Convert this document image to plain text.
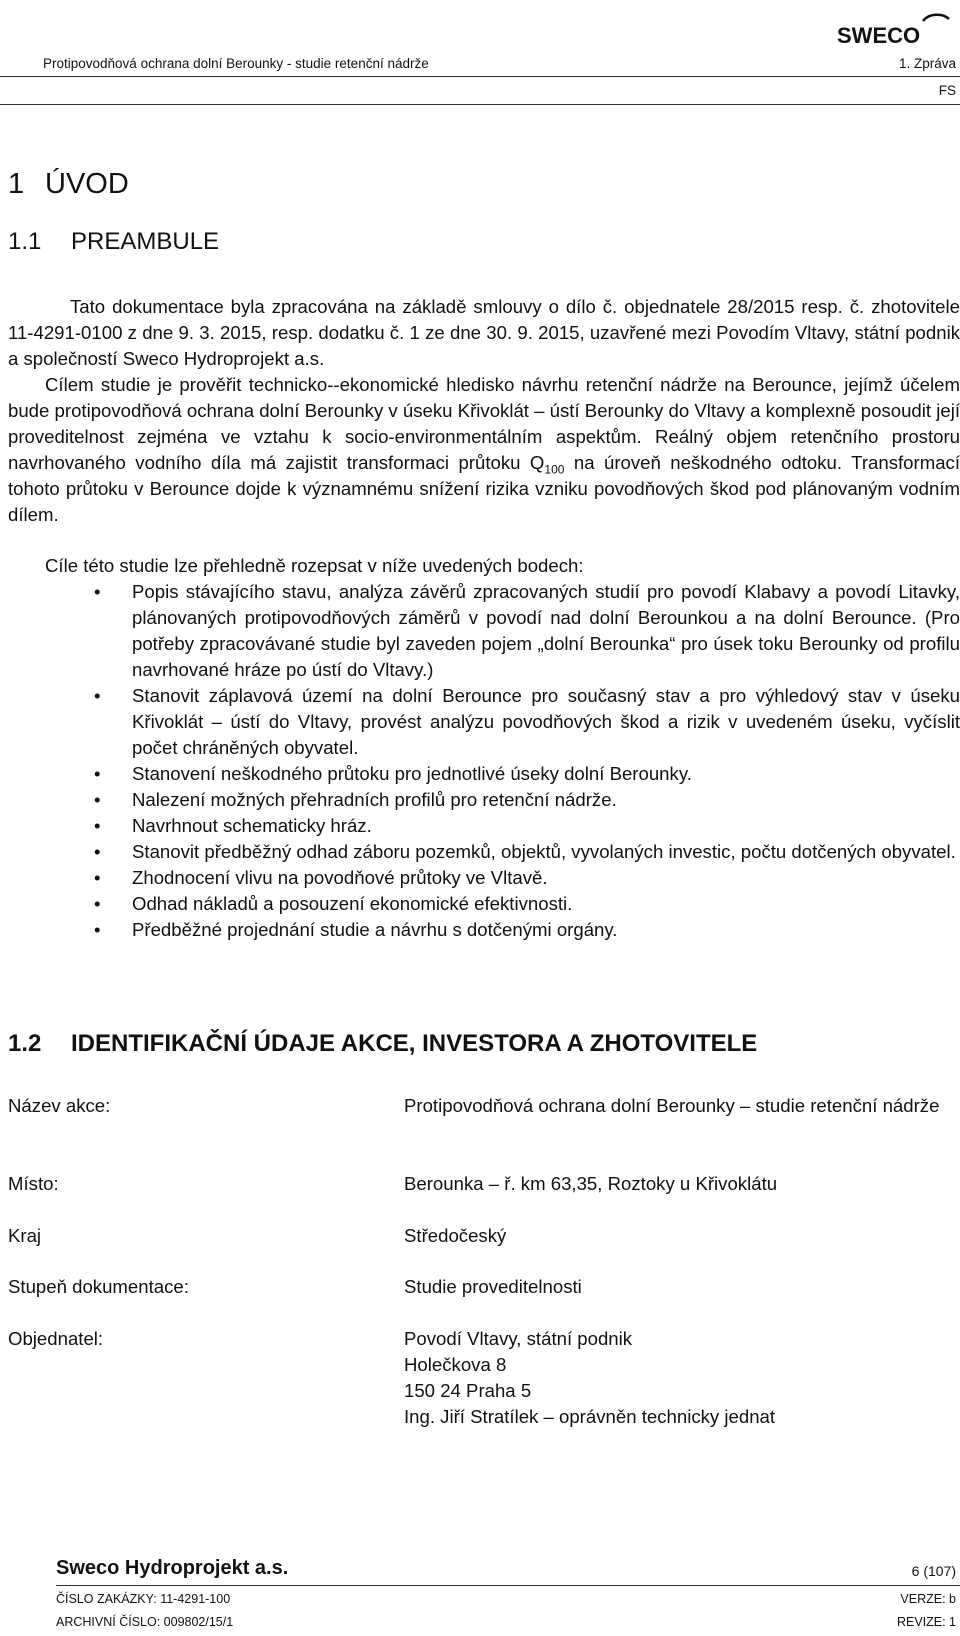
SWECO
Protipovodňová ochrana dolní Berounky - studie retenční nádrže	1. Zpráva
FS
1 ÚVOD
1.1 PREAMBULE

Tato dokumentace byla zpracována na základě smlouvy o dílo č. objednatele 28/2015 resp. č. zhotovitele 11-4291-0100 z dne 9. 3. 2015, resp. dodatku č. 1 ze dne 30. 9. 2015, uzavřené mezi Povodím Vltavy, státní podnik a společností Sweco Hydroprojekt a.s.

Cílem studie je prověřit technicko--ekonomické hledisko návrhu retenční nádrže na Berounce, jejímž účelem bude protipovodňová ochrana dolní Berounky v úseku Křivoklát – ústí Berounky do Vltavy a komplexně posoudit její proveditelnost zejména ve vztahu k socio-environmentálním aspektům. Reálný objem retenčního prostoru navrhovaného vodního díla má zajistit transformaci průtoku $Q_{100}$ na úroveň neškodného odtoku. Transformací tohoto průtoku v Berounce dojde k významnému snížení rizika vzniku povodňových škod pod plánovaným vodním dílem.

Cíle této studie lze přehledně rozepsat v níže uvedených bodech:

• Popis stávajícího stavu, analýza závěrů zpracovaných studií pro povodí Klabavy a povodí Litavky, plánovaných protipovodňových záměrů v povodí nad dolní Berounkou a na dolní Berounce. (Pro potřeby zpracovávané studie byl zaveden pojem „dolní Berounka“ pro úsek toku Berounky od profilu navrhované hráze po ústí do Vltavy.)
• Stanovit záplavová území na dolní Berounce pro současný stav a pro výhledový stav v úseku Křivoklát – ústí do Vltavy, provést analýzu povodňových škod a rizik v uvedeném úseku, vyčíslit počet chráněných obyvatel.
• Stanovení neškodného průtoku pro jednotlivé úseky dolní Berounky.
• Nalezení možných přehradních profilů pro retenční nádrže.
• Navrhnout schematicky hráz.
• Stanovit předběžný odhad záboru pozemků, objektů, vyvolaných investic, počtu dotčených obyvatel.
• Zhodnocení vlivu na povodňové průtoky ve Vltavě.
• Odhad nákladů a posouzení ekonomické efektivnosti.
• Předběžné projednání studie a návrhu s dotčenými orgány.
1.2 IDENTIFIKAČNÍ ÚDAJE AKCE, INVESTORA A ZHOTOVITELE
Název akce:	Protipovodňová ochrana dolní Berounky – studie retenční nádrže
Místo:	Berounka – ř. km 63,35, Roztoky u Křivoklátu
Kraj	Středočeský
Stupeň dokumentace:	Studie proveditelnosti
Objednatel:	Povodí Vltavy, státní podnik
Holečkova 8
150 24 Praha 5
Ing. Jiří Stratílek – oprávněn technicky jednat
Sweco Hydroprojekt a.s.	6 (107)
ČÍSLO ZAKÁZKY: 11-4291-100
ARCHIVNÍ ČÍSLO: 009802/15/1
VERZE: b
REVIZE: 1
